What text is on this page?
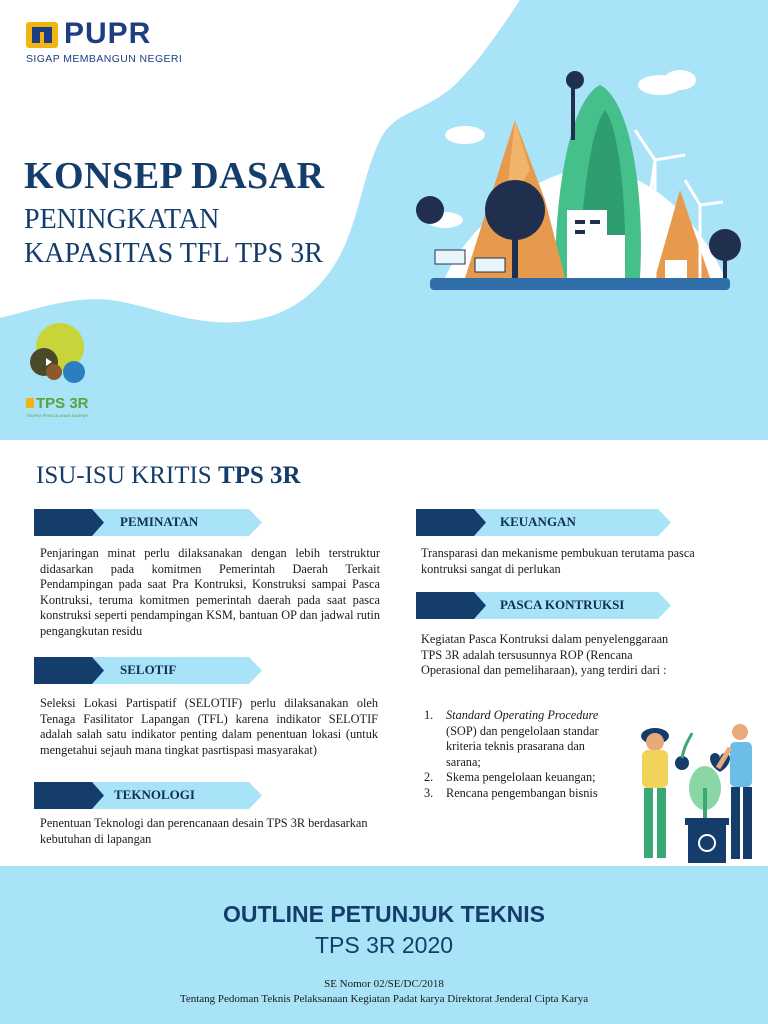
PUPR
SIGAP MEMBANGUN NEGERI
KONSEP DASAR
PENINGKATAN
KAPASITAS TFL TPS 3R
TPS 3R
TEMPAT PENGOLAHAN SAMPAH
ISU-ISU KRITIS TPS 3R
PEMINATAN
Penjaringan minat perlu dilaksanakan dengan lebih terstruktur didasarkan pada komitmen Pemerintah Daerah Terkait Pendampingan pada saat Pra Kontruksi, Konstruksi sampai Pasca Kontruksi, teruma komitmen pemerintah daerah pada saat pasca konstruksi seperti pendampingan KSM, bantuan OP dan jadwal rutin pengangkutan residu
SELOTIF
Seleksi Lokasi Partispatif (SELOTIF) perlu dilaksanakan oleh Tenaga Fasilitator Lapangan (TFL) karena indikator SELOTIF adalah salah satu indikator penting dalam penentuan lokasi (untuk mengetahui sejauh mana tingkat pasrtispasi masyarakat)
TEKNOLOGI
Penentuan Teknologi dan perencanaan desain TPS 3R berdasarkan kebutuhan di lapangan
KEUANGAN
Transparasi dan mekanisme pembukuan terutama pasca kontruksi sangat di perlukan
PASCA KONTRUKSI
Kegiatan Pasca Kontruksi dalam penyelenggaraan TPS 3R adalah tersusunnya ROP (Rencana Operasional dan pemeliharaan), yang terdiri dari :
1. Standard Operating Procedure (SOP) dan pengelolaan standar kriteria teknis prasarana dan sarana;
2. Skema pengelolaan keuangan;
3. Rencana pengembangan bisnis
OUTLINE PETUNJUK TEKNIS
TPS 3R 2020
SE Nomor 02/SE/DC/2018
Tentang Pedoman Teknis Pelaksanaan Kegiatan Padat karya Direktorat Jenderal Cipta Karya
